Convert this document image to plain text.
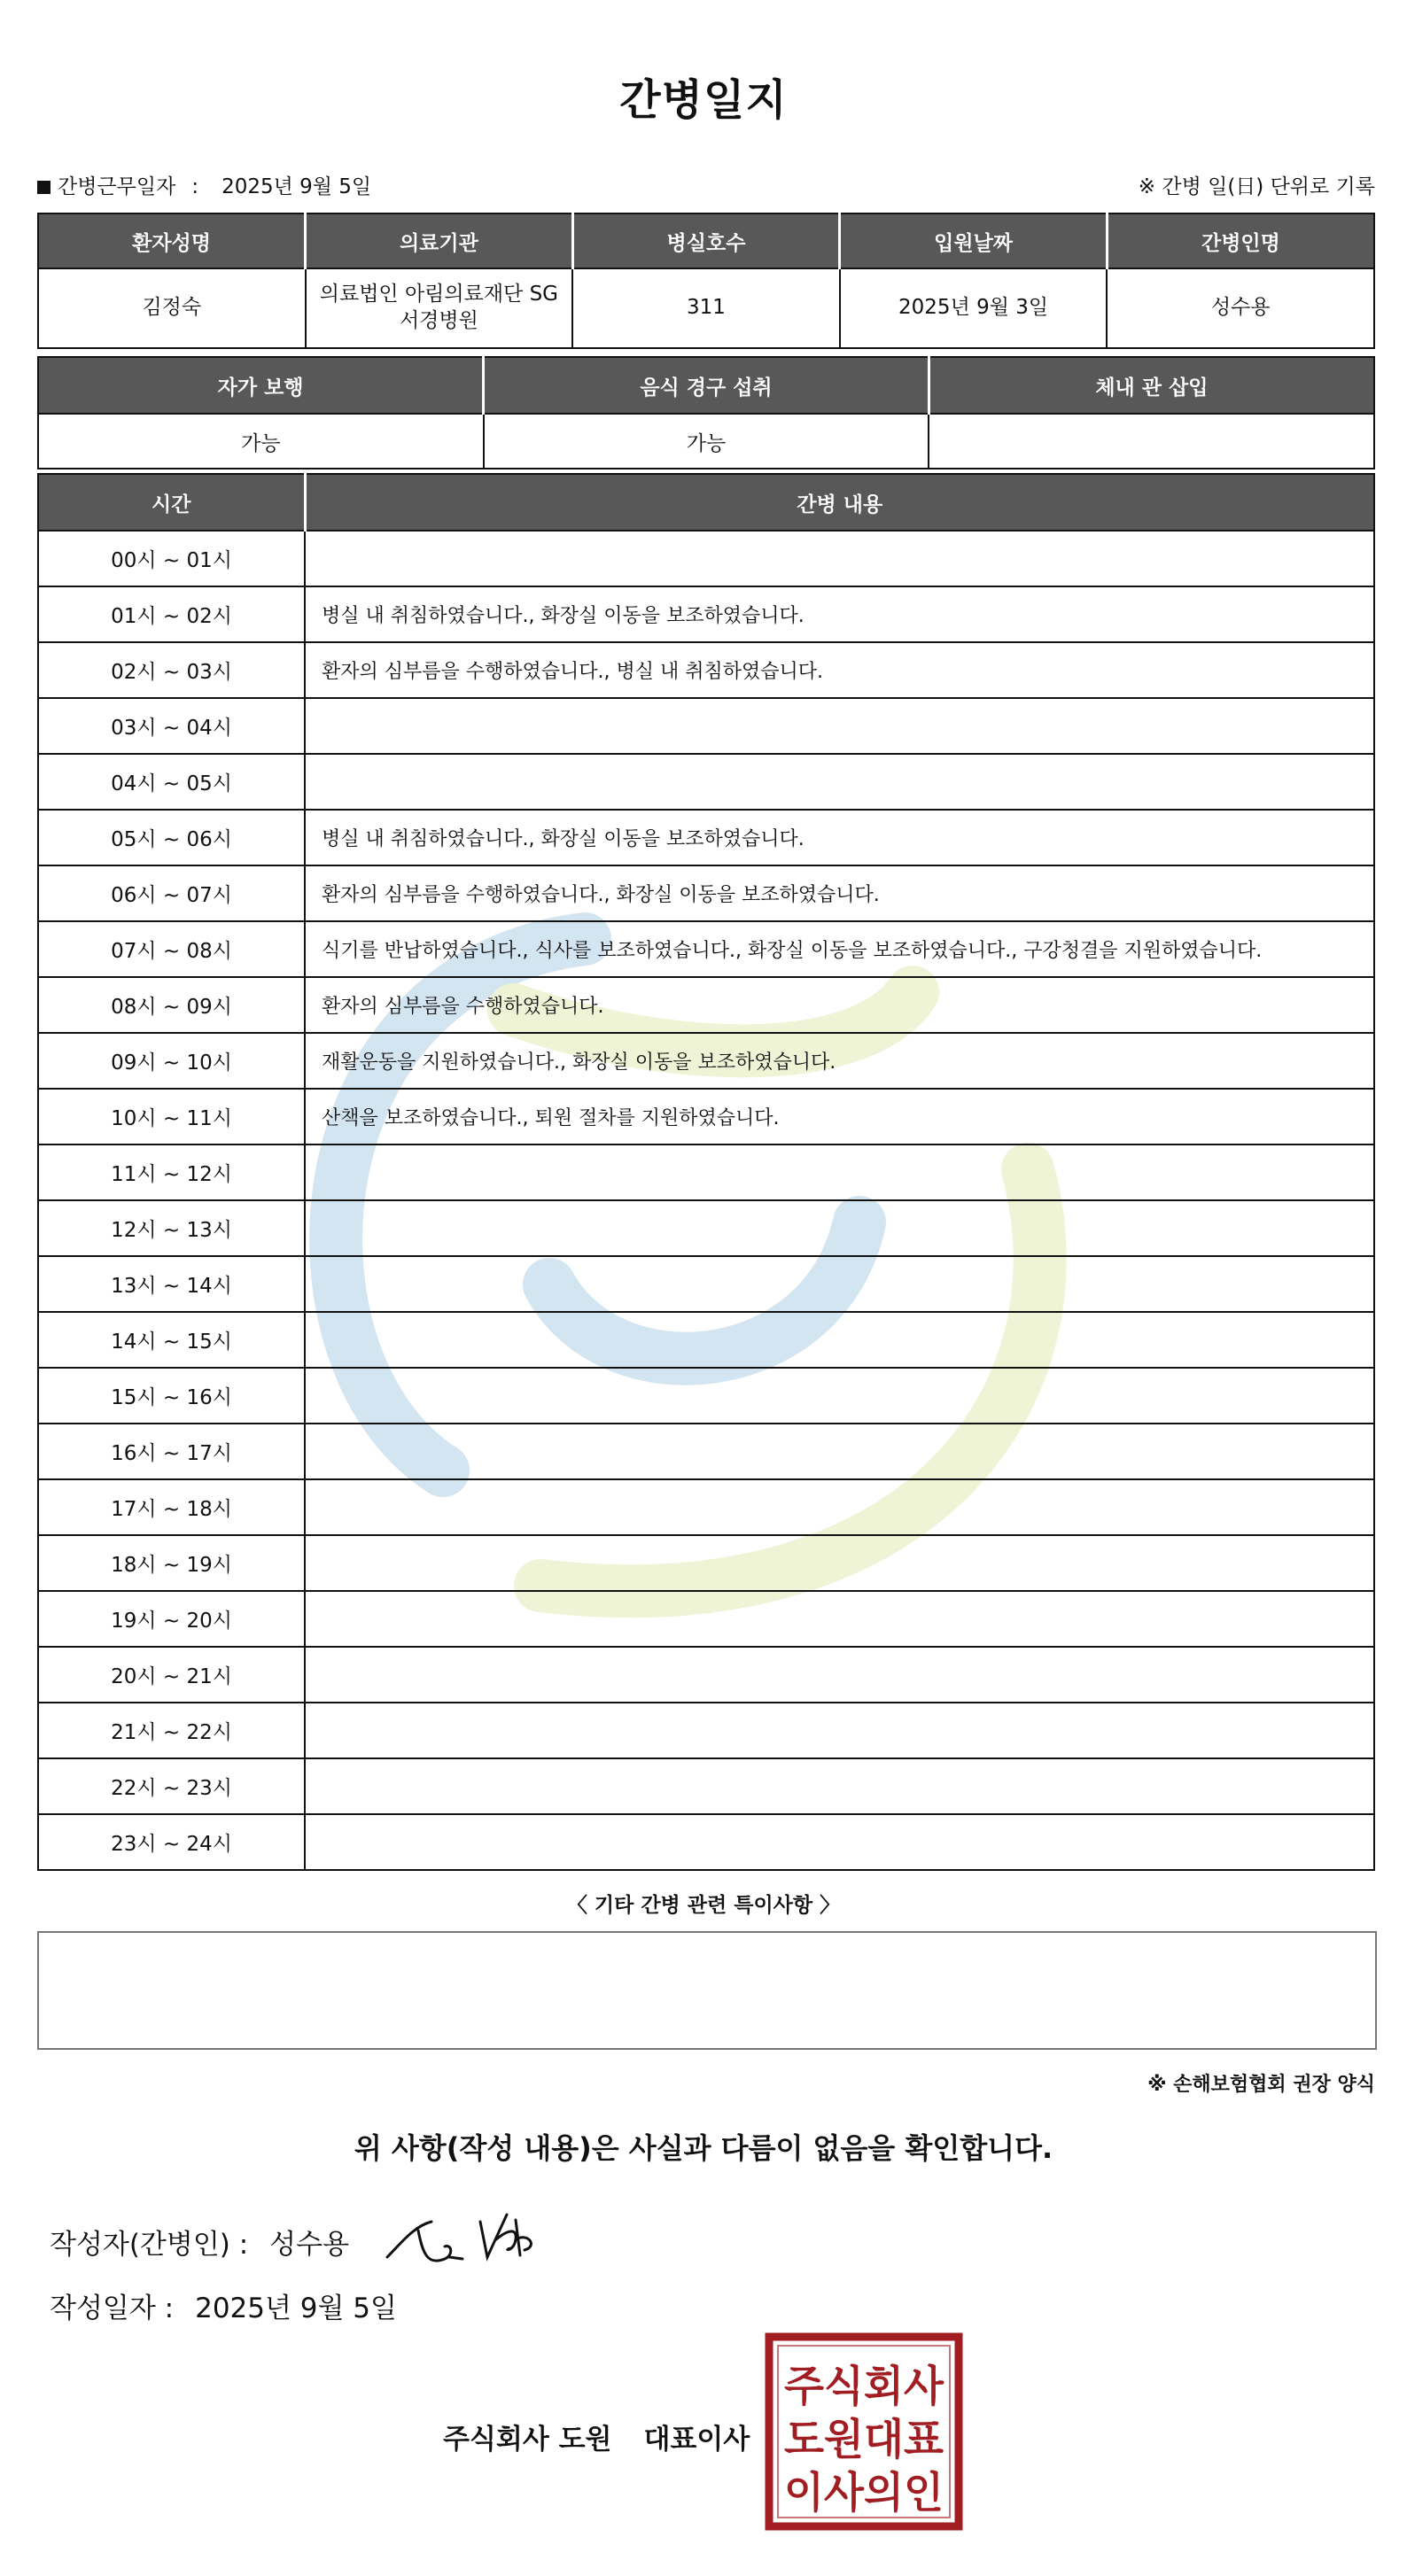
간병일지
간병근무일자 : 2025년 9월 5일	※ 간병 일(日) 단위로 기록
환자성명	의료기관	병실호수	입원날짜	간병인명
김정숙	의료법인 아림의료재단 SG 서경병원	311	2025년 9월 3일	성수용
자가 보행	음식 경구 섭취	체내 관 삽입
가능	가능	
시간	간병 내용
00시 ~ 01시	
01시 ~ 02시	병실 내 취침하였습니다., 화장실 이동을 보조하였습니다.
02시 ~ 03시	환자의 심부름을 수행하였습니다., 병실 내 취침하였습니다.
03시 ~ 04시	
04시 ~ 05시	
05시 ~ 06시	병실 내 취침하였습니다., 화장실 이동을 보조하였습니다.
06시 ~ 07시	환자의 심부름을 수행하였습니다., 화장실 이동을 보조하였습니다.
07시 ~ 08시	식기를 반납하였습니다., 식사를 보조하였습니다., 화장실 이동을 보조하였습니다., 구강청결을 지원하였습니다.
08시 ~ 09시	환자의 심부름을 수행하였습니다.
09시 ~ 10시	재활운동을 지원하였습니다., 화장실 이동을 보조하였습니다.
10시 ~ 11시	산책을 보조하였습니다., 퇴원 절차를 지원하였습니다.
11시 ~ 12시	
12시 ~ 13시	
13시 ~ 14시	
14시 ~ 15시	
15시 ~ 16시	
16시 ~ 17시	
17시 ~ 18시	
18시 ~ 19시	
19시 ~ 20시	
20시 ~ 21시	
21시 ~ 22시	
22시 ~ 23시	
23시 ~ 24시	
〈 기타 간병 관련 특이사항 〉
※ 손해보험협회 권장 양식
위 사항(작성 내용)은 사실과 다름이 없음을 확인합니다.
작성자(간병인) : 성수용
작성일자 : 2025년 9월 5일
주식회사 도원 대표이사
주식회사
도원대표
이사의인
